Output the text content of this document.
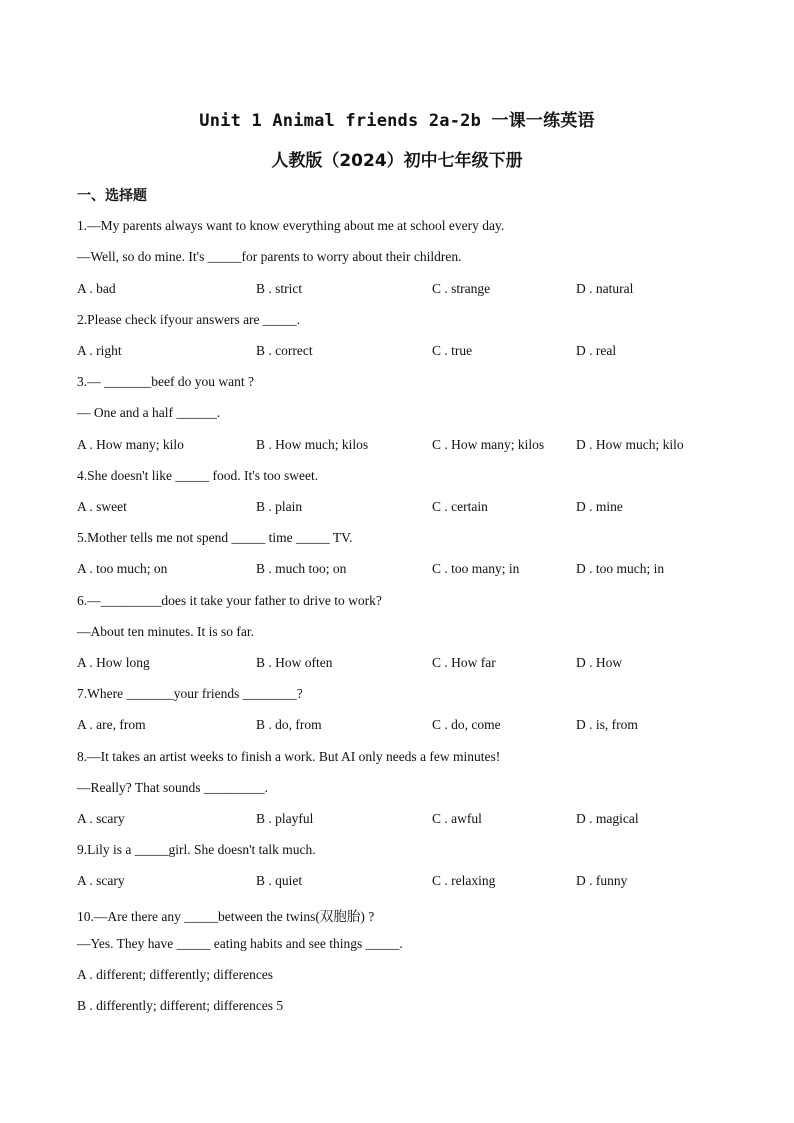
Unit 1 Animal friends 2a-2b 一课一练英语
人教版（2024）初中七年级下册
一、选择题
1.—My parents always want to know everything about me at school every day.
—Well, so do mine. It's _____for parents to worry about their children.
A . bad	B . strict	C . strange	D . natural
2.Please check ifyour answers are _____.
A . right	B . correct	C . true	D . real
3.— _______beef do you want ?
— One and a half ______.
A . How many; kilo	B . How much; kilos	C . How many; kilos D . How much; kilo
4.She doesn't like _____ food. It's too sweet.
A . sweet	B . plain	C . certain	D . mine
5.Mother tells me not spend _____ time _____ TV.
A . too much; on	B . much too; on	C . too many; in	D . too much; in
6.—_________does it take your father to drive to work?
—About ten minutes. It is so far.
A . How long	B . How often	C . How far	D . How
7.Where _______your friends ________?
A . are, from	B . do, from	C . do, come	D . is, from
8.—It takes an artist weeks to finish a work. But AI only needs a few minutes!
—Really? That sounds _________.
A . scary	B . playful	C . awful	D . magical
9.Lily is a _____girl. She doesn't talk much.
A . scary	B . quiet	C . relaxing	D . funny
10.—Are there any _____between the twins(双胞胎) ?
—Yes. They have _____ eating habits and see things _____.
A . different; differently; differences
B . differently; different; differences 5
